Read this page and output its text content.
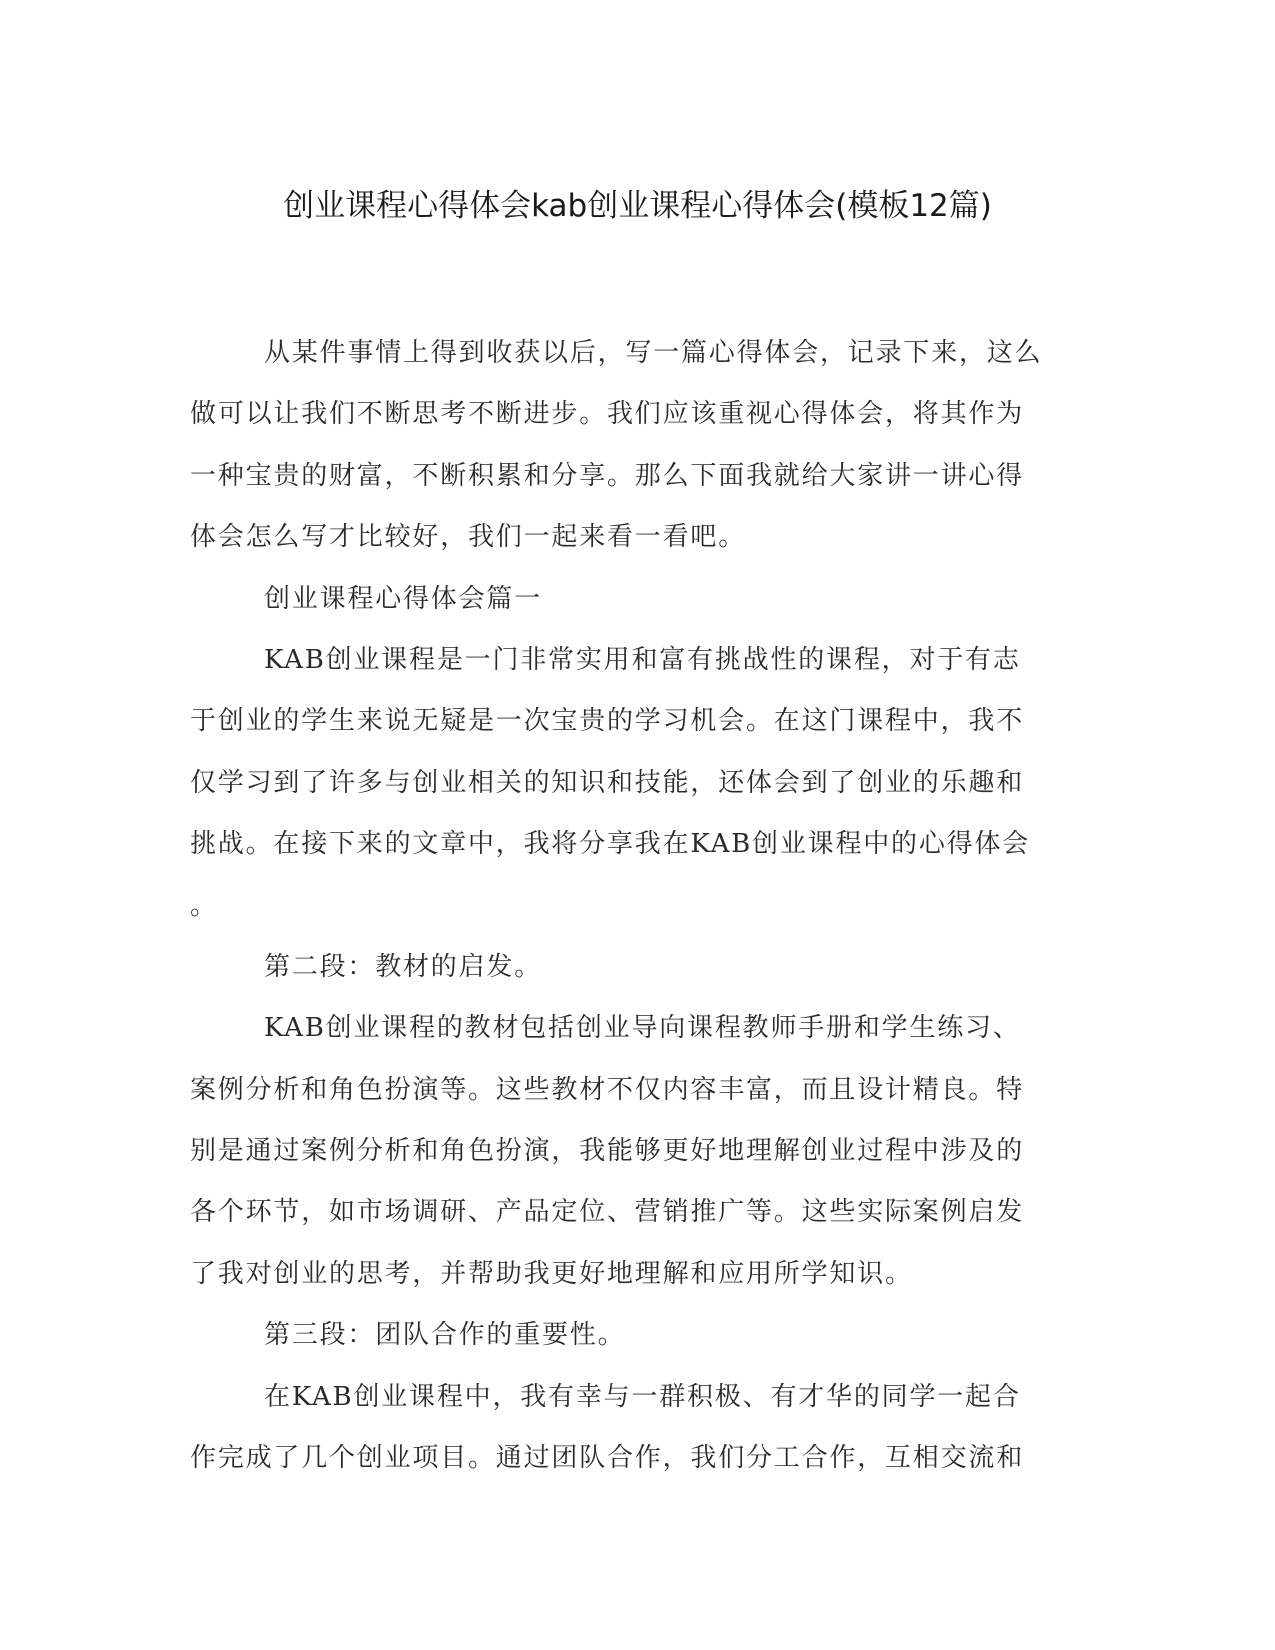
创业课程心得体会kab创业课程心得体会(模板12篇)
从某件事情上得到收获以后，写一篇心得体会，记录下来，这么
做可以让我们不断思考不断进步。我们应该重视心得体会，将其作为
一种宝贵的财富，不断积累和分享。那么下面我就给大家讲一讲心得
体会怎么写才比较好，我们一起来看一看吧。
创业课程心得体会篇一
KAB创业课程是一门非常实用和富有挑战性的课程，对于有志
于创业的学生来说无疑是一次宝贵的学习机会。在这门课程中，我不
仅学习到了许多与创业相关的知识和技能，还体会到了创业的乐趣和
挑战。在接下来的文章中，我将分享我在KAB创业课程中的心得体会
。
第二段：教材的启发。
KAB创业课程的教材包括创业导向课程教师手册和学生练习、
案例分析和角色扮演等。这些教材不仅内容丰富，而且设计精良。特
别是通过案例分析和角色扮演，我能够更好地理解创业过程中涉及的
各个环节，如市场调研、产品定位、营销推广等。这些实际案例启发
了我对创业的思考，并帮助我更好地理解和应用所学知识。
第三段：团队合作的重要性。
在KAB创业课程中，我有幸与一群积极、有才华的同学一起合
作完成了几个创业项目。通过团队合作，我们分工合作，互相交流和
